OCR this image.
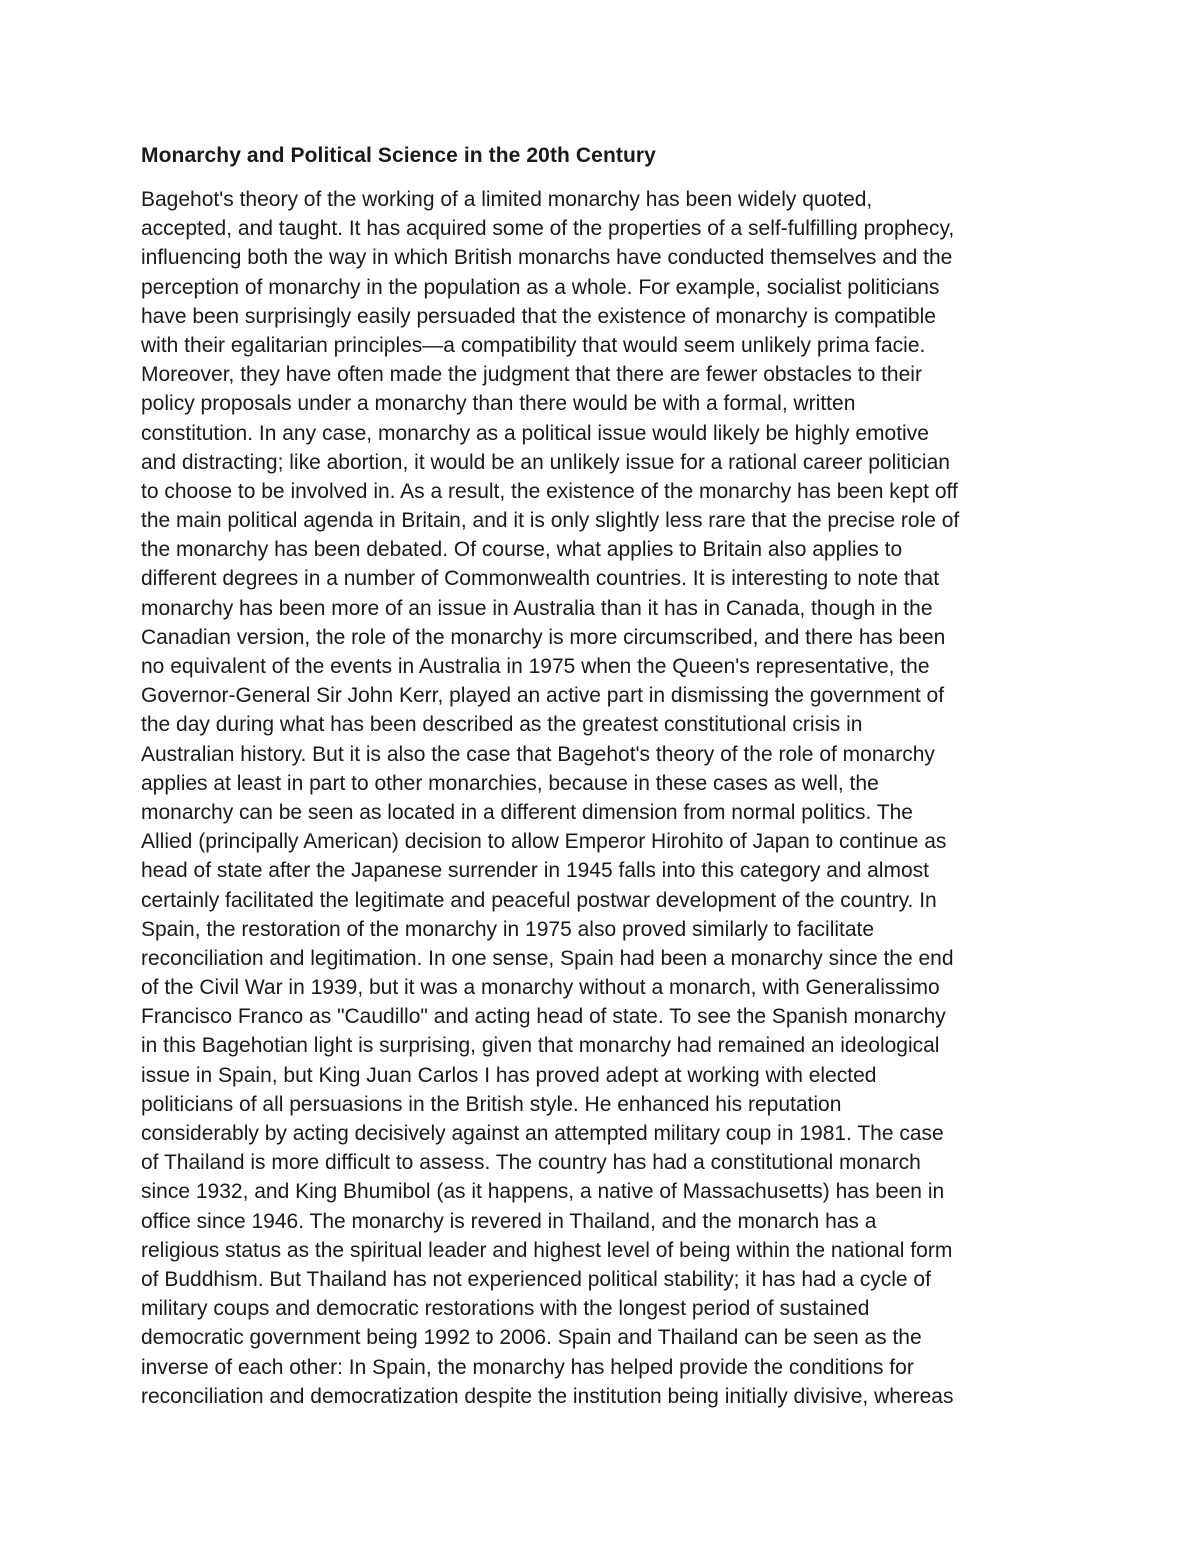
Monarchy and Political Science in the 20th Century
Bagehot's theory of the working of a limited monarchy has been widely quoted,
accepted, and taught. It has acquired some of the properties of a self-fulfilling prophecy,
influencing both the way in which British monarchs have conducted themselves and the
perception of monarchy in the population as a whole. For example, socialist politicians
have been surprisingly easily persuaded that the existence of monarchy is compatible
with their egalitarian principles—a compatibility that would seem unlikely prima facie.
Moreover, they have often made the judgment that there are fewer obstacles to their
policy proposals under a monarchy than there would be with a formal, written
constitution. In any case, monarchy as a political issue would likely be highly emotive
and distracting; like abortion, it would be an unlikely issue for a rational career politician
to choose to be involved in. As a result, the existence of the monarchy has been kept off
the main political agenda in Britain, and it is only slightly less rare that the precise role of
the monarchy has been debated. Of course, what applies to Britain also applies to
different degrees in a number of Commonwealth countries. It is interesting to note that
monarchy has been more of an issue in Australia than it has in Canada, though in the
Canadian version, the role of the monarchy is more circumscribed, and there has been
no equivalent of the events in Australia in 1975 when the Queen's representative, the
Governor-General Sir John Kerr, played an active part in dismissing the government of
the day during what has been described as the greatest constitutional crisis in
Australian history. But it is also the case that Bagehot's theory of the role of monarchy
applies at least in part to other monarchies, because in these cases as well, the
monarchy can be seen as located in a different dimension from normal politics. The
Allied (principally American) decision to allow Emperor Hirohito of Japan to continue as
head of state after the Japanese surrender in 1945 falls into this category and almost
certainly facilitated the legitimate and peaceful postwar development of the country. In
Spain, the restoration of the monarchy in 1975 also proved similarly to facilitate
reconciliation and legitimation. In one sense, Spain had been a monarchy since the end
of the Civil War in 1939, but it was a monarchy without a monarch, with Generalissimo
Francisco Franco as "Caudillo" and acting head of state. To see the Spanish monarchy
in this Bagehotian light is surprising, given that monarchy had remained an ideological
issue in Spain, but King Juan Carlos I has proved adept at working with elected
politicians of all persuasions in the British style. He enhanced his reputation
considerably by acting decisively against an attempted military coup in 1981. The case
of Thailand is more difficult to assess. The country has had a constitutional monarch
since 1932, and King Bhumibol (as it happens, a native of Massachusetts) has been in
office since 1946. The monarchy is revered in Thailand, and the monarch has a
religious status as the spiritual leader and highest level of being within the national form
of Buddhism. But Thailand has not experienced political stability; it has had a cycle of
military coups and democratic restorations with the longest period of sustained
democratic government being 1992 to 2006. Spain and Thailand can be seen as the
inverse of each other: In Spain, the monarchy has helped provide the conditions for
reconciliation and democratization despite the institution being initially divisive, whereas
